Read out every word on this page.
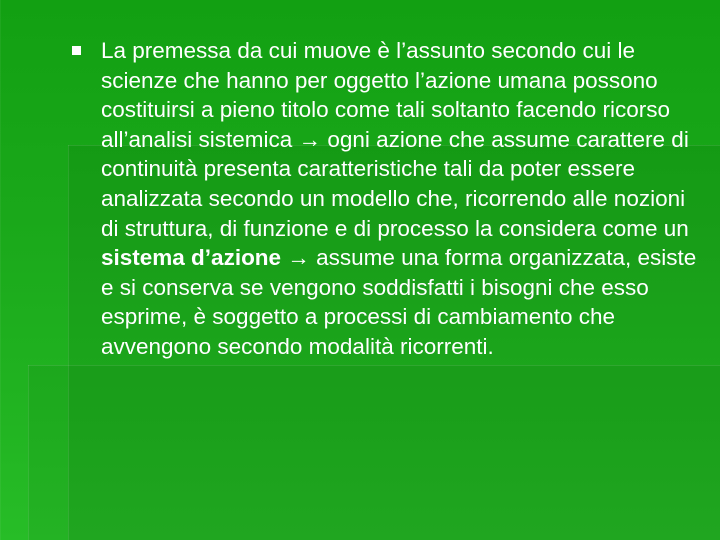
La premessa da cui muove è l’assunto secondo cui le scienze che hanno per oggetto l’azione umana possono costituirsi a pieno titolo come tali soltanto facendo ricorso all’analisi sistemica → ogni azione che assume carattere di continuità presenta caratteristiche tali da poter essere analizzata secondo un modello che, ricorrendo alle nozioni di struttura, di funzione e di processo la considera come un sistema d’azione → assume una forma organizzata, esiste e si conserva se vengono soddisfatti i bisogni che esso esprime, è soggetto a processi di cambiamento che avvengono secondo modalità ricorrenti.
